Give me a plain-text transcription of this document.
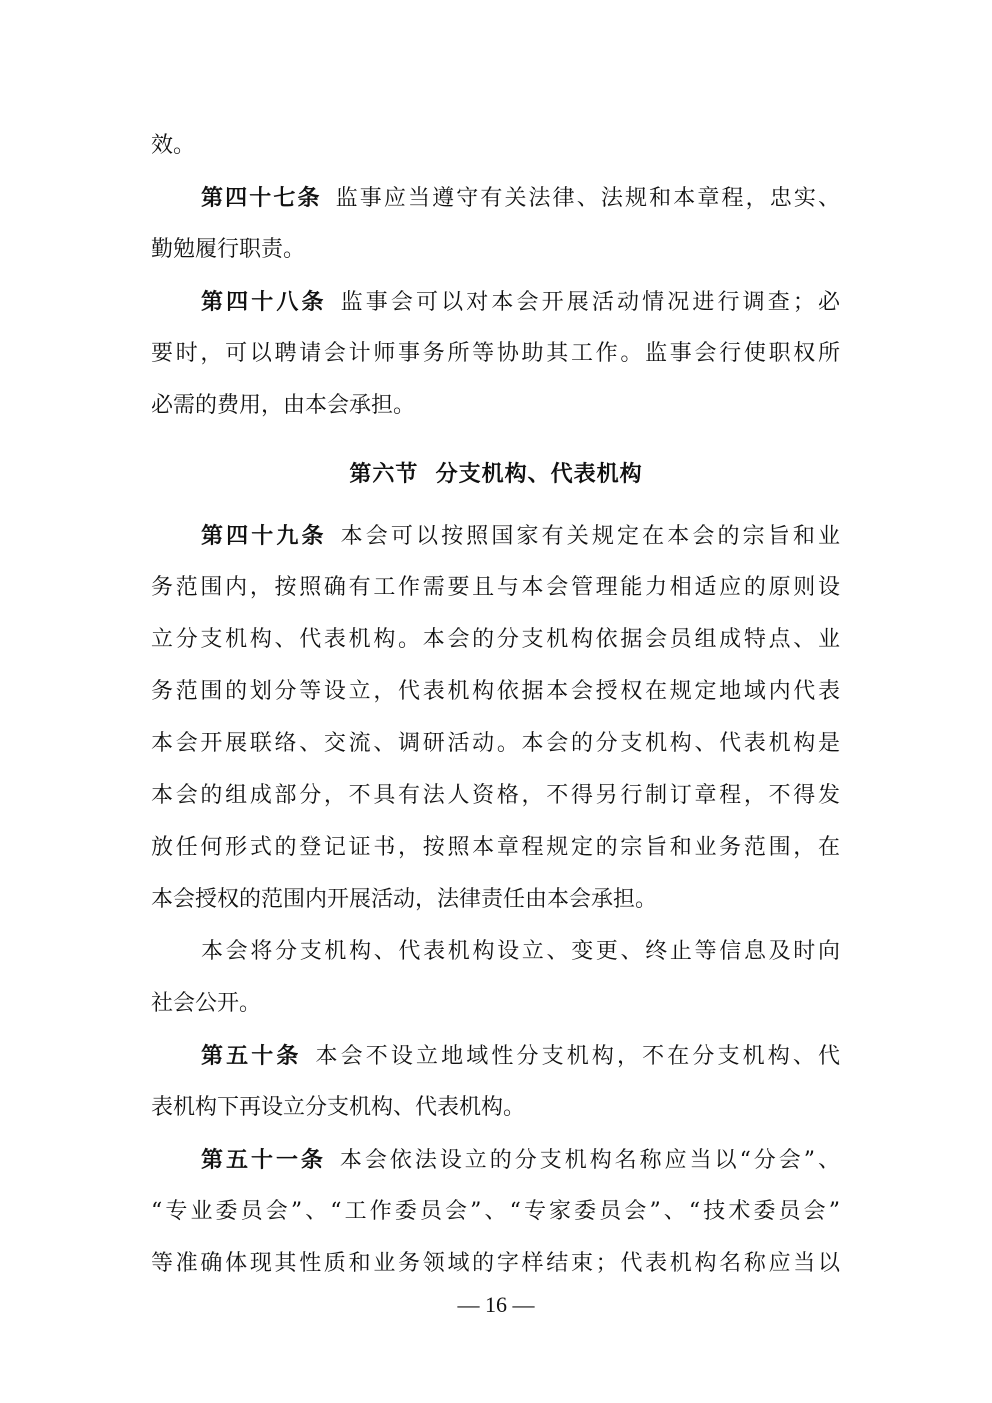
效。
第四十七条 监事应当遵守有关法律、法规和本章程，忠实、
勤勉履行职责。
第四十八条 监事会可以对本会开展活动情况进行调查；必
要时，可以聘请会计师事务所等协助其工作。监事会行使职权所
必需的费用，由本会承担。
第六节  分支机构、代表机构
第四十九条 本会可以按照国家有关规定在本会的宗旨和业
务范围内，按照确有工作需要且与本会管理能力相适应的原则设
立分支机构、代表机构。本会的分支机构依据会员组成特点、业
务范围的划分等设立，代表机构依据本会授权在规定地域内代表
本会开展联络、交流、调研活动。本会的分支机构、代表机构是
本会的组成部分，不具有法人资格，不得另行制订章程，不得发
放任何形式的登记证书，按照本章程规定的宗旨和业务范围，在
本会授权的范围内开展活动，法律责任由本会承担。
本会将分支机构、代表机构设立、变更、终止等信息及时向
社会公开。
第五十条 本会不设立地域性分支机构，不在分支机构、代
表机构下再设立分支机构、代表机构。
第五十一条 本会依法设立的分支机构名称应当以“分会”、
“专业委员会”、“工作委员会”、“专家委员会”、“技术委员会”
等准确体现其性质和业务领域的字样结束；代表机构名称应当以
— 16 —
